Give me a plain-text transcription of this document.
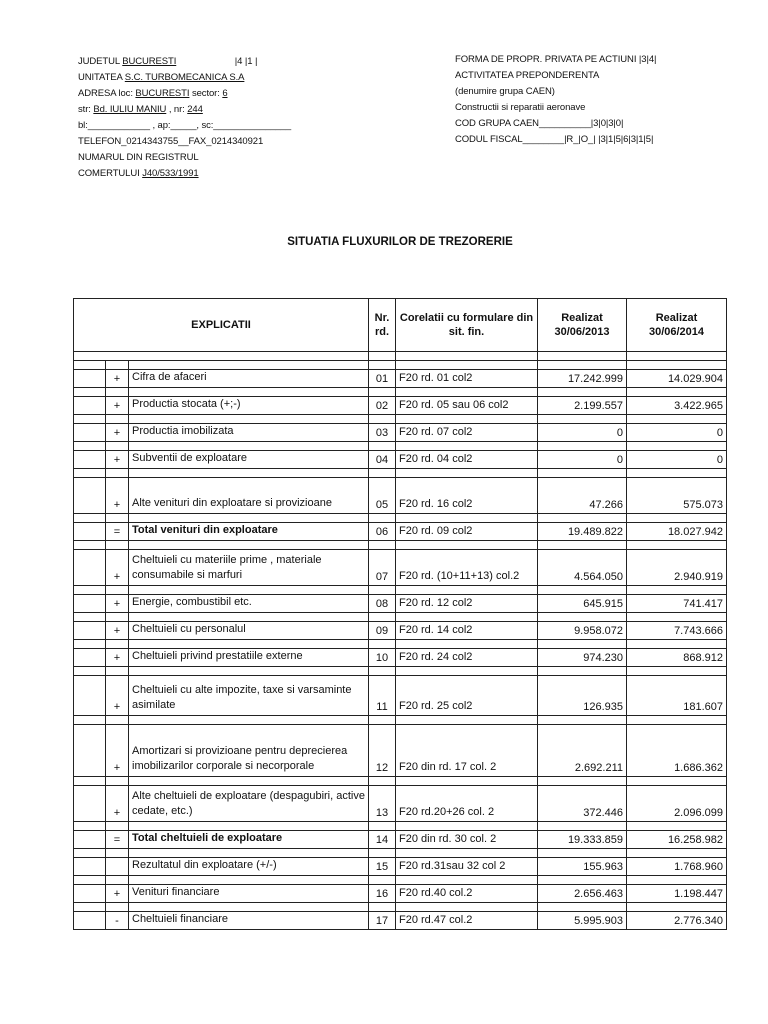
JUDETUL BUCURESTI	|4 |1 |
UNITATEA S.C. TURBOMECANICA S.A
ADRESA loc: BUCURESTI sector: 6
str: Bd. IULIU MANIU , nr: 244
bl:____________ , ap:_____, sc:_______________
TELEFON_0214343755__FAX_0214340921
NUMARUL DIN REGISTRUL
COMERTULUI J40/533/1991
FORMA DE PROPR. PRIVATA PE ACTIUNI |3|4|
ACTIVITATEA PREPONDERENTA
(denumire grupa CAEN)
Constructii si reparatii aeronave
COD GRUPA CAEN__________|3|0|3|0|
CODUL FISCAL________|R_|O_| |3|1|5|6|3|1|5|
SITUATIA FLUXURILOR DE TREZORERIE
EXPLICATII			Nr. rd.	Corelatii cu formulare din sit. fin.	Realizat 30/06/2013	Realizat 30/06/2014

	+	Cifra de afaceri	01	F20 rd. 01 col2	17.242.999	14.029.904

	+	Productia stocata (+;-)	02	F20 rd. 05 sau 06 col2	2.199.557	3.422.965

	+	Productia imobilizata	03	F20 rd. 07 col2	0	0

	+	Subventii de exploatare	04	F20 rd. 04 col2	0	0

	+	Alte venituri din exploatare si provizioane	05	F20 rd. 16 col2	47.266	575.073

	=	Total venituri din exploatare	06	F20 rd. 09 col2	19.489.822	18.027.942

	+	Cheltuieli cu materiile prime , materiale consumabile si marfuri	07	F20 rd. (10+11+13) col.2	4.564.050	2.940.919

	+	Energie, combustibil etc.	08	F20 rd. 12 col2	645.915	741.417

	+	Cheltuieli cu personalul	09	F20 rd. 14 col2	9.958.072	7.743.666

	+	Cheltuieli privind prestatiile externe	10	F20 rd. 24 col2	974.230	868.912

	+	Cheltuieli cu alte impozite, taxe si varsaminte asimilate	11	F20 rd. 25 col2	126.935	181.607

	+	Amortizari si provizioane pentru deprecierea imobilizarilor corporale si necorporale	12	F20 din rd. 17 col. 2	2.692.211	1.686.362

	+	Alte cheltuieli de exploatare (despagubiri, active cedate, etc.)	13	F20 rd.20+26 col. 2	372.446	2.096.099

	=	Total cheltuieli de exploatare	14	F20 din rd. 30 col. 2	19.333.859	16.258.982

		Rezultatul din exploatare (+/-)	15	F20 rd.31sau 32 col 2	155.963	1.768.960

	+	Venituri financiare	16	F20 rd.40 col.2	2.656.463	1.198.447

	-	Cheltuieli financiare	17	F20 rd.47 col.2	5.995.903	2.776.340
